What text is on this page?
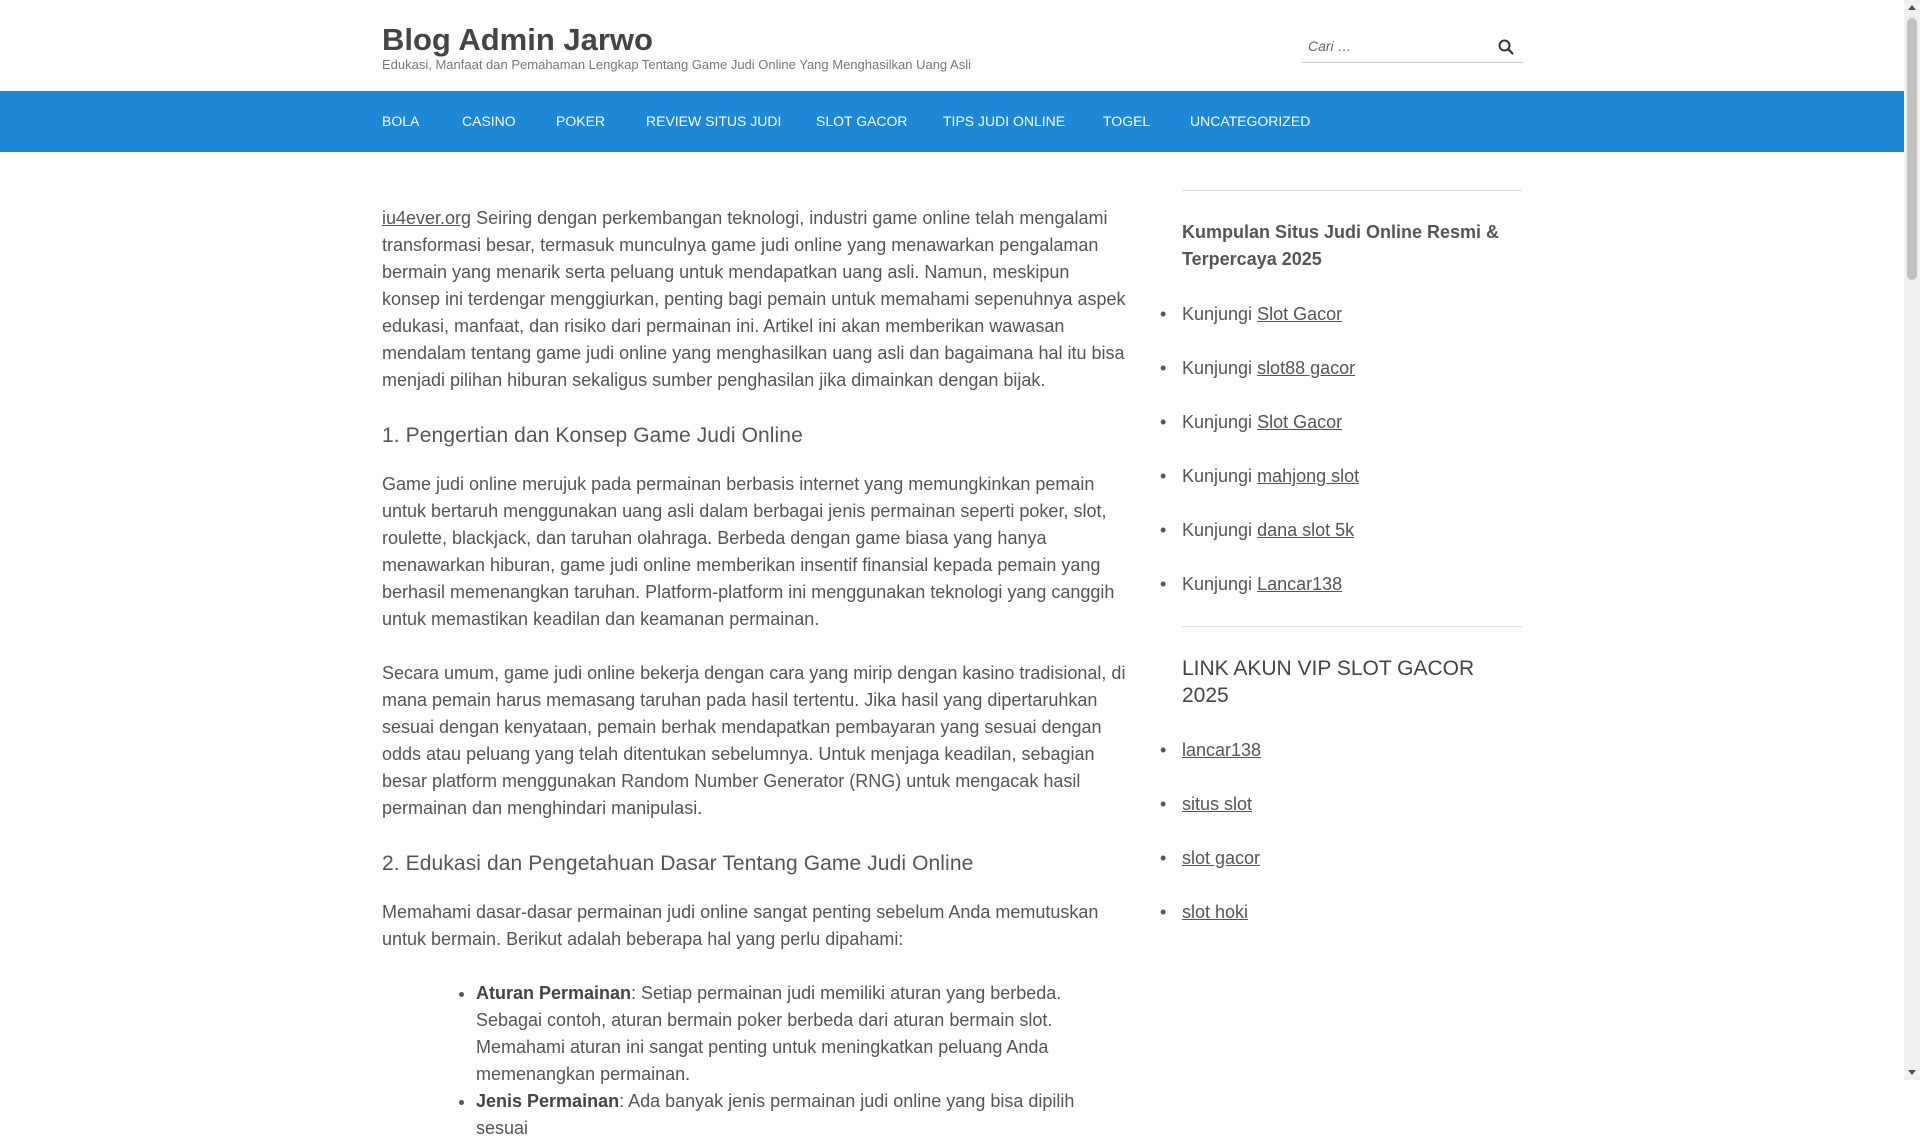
Blog Admin Jarwo
Edukasi, Manfaat dan Pemahaman Lengkap Tentang Game Judi Online Yang Menghasilkan Uang Asli
Cari …
BOLA	CASINO	POKER	REVIEW SITUS JUDI SLOT GACOR	TIPS JUDI ONLINE	TOGEL	UNCATEGORIZED

iu4ever.org Seiring dengan perkembangan teknologi, industri game online telah mengalami transformasi besar, termasuk munculnya game judi online yang menawarkan pengalaman bermain yang menarik serta peluang untuk mendapatkan uang asli. Namun, meskipun konsep ini terdengar menggiurkan, penting bagi pemain untuk memahami sepenuhnya aspek edukasi, manfaat, dan risiko dari permainan ini. Artikel ini akan memberikan wawasan mendalam tentang game judi online yang menghasilkan uang asli dan bagaimana hal itu bisa menjadi pilihan hiburan sekaligus sumber penghasilan jika dimainkan dengan bijak.

1. Pengertian dan Konsep Game Judi Online

Game judi online merujuk pada permainan berbasis internet yang memungkinkan pemain untuk bertaruh menggunakan uang asli dalam berbagai jenis permainan seperti poker, slot, roulette, blackjack, dan taruhan olahraga. Berbeda dengan game biasa yang hanya menawarkan hiburan, game judi online memberikan insentif finansial kepada pemain yang berhasil memenangkan taruhan. Platform-platform ini menggunakan teknologi yang canggih untuk memastikan keadilan dan keamanan permainan.

Secara umum, game judi online bekerja dengan cara yang mirip dengan kasino tradisional, di mana pemain harus memasang taruhan pada hasil tertentu. Jika hasil yang dipertaruhkan sesuai dengan kenyataan, pemain berhak mendapatkan pembayaran yang sesuai dengan odds atau peluang yang telah ditentukan sebelumnya. Untuk menjaga keadilan, sebagian besar platform menggunakan Random Number Generator (RNG) untuk mengacak hasil permainan dan menghindari manipulasi.

2. Edukasi dan Pengetahuan Dasar Tentang Game Judi Online

Memahami dasar-dasar permainan judi online sangat penting sebelum Anda memutuskan untuk bermain. Berikut adalah beberapa hal yang perlu dipahami:

• Aturan Permainan: Setiap permainan judi memiliki aturan yang berbeda. Sebagai contoh, aturan bermain poker berbeda dari aturan bermain slot. Memahami aturan ini sangat penting untuk meningkatkan peluang Anda memenangkan permainan.
• Jenis Permainan: Ada banyak jenis permainan judi online yang bisa dipilih sesuai
Kumpulan Situs Judi Online Resmi & Terpercaya 2025
• Kunjungi Slot Gacor
• Kunjungi slot88 gacor
• Kunjungi Slot Gacor
• Kunjungi mahjong slot
• Kunjungi dana slot 5k
• Kunjungi Lancar138
LINK AKUN VIP SLOT GACOR 2025
• lancar138
• situs slot
• slot gacor
• slot hoki
